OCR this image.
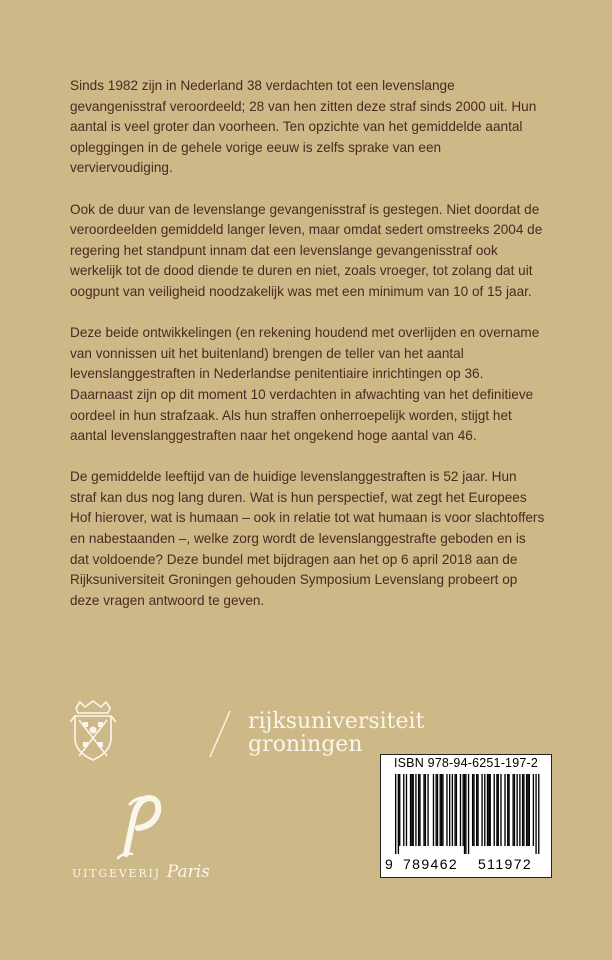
Sinds 1982 zijn in Nederland 38 verdachten tot een levenslange gevangenisstraf veroordeeld; 28 van hen zitten deze straf sinds 2000 uit. Hun aantal is veel groter dan voorheen. Ten opzichte van het gemiddelde aantal opleggingen in de gehele vorige eeuw is zelfs sprake van een verviervoudiging.

Ook de duur van de levenslange gevangenisstraf is gestegen. Niet doordat de veroordeelden gemiddeld langer leven, maar omdat sedert omstreeks 2004 de regering het standpunt innam dat een levenslange gevangenisstraf ook werkelijk tot de dood diende te duren en niet, zoals vroeger, tot zolang dat uit oogpunt van veiligheid noodzakelijk was met een minimum van 10 of 15 jaar.

Deze beide ontwikkelingen (en rekening houdend met overlijden en overname van vonnissen uit het buitenland) brengen de teller van het aantal levenslanggestraften in Nederlandse penitentiaire inrichtingen op 36. Daarnaast zijn op dit moment 10 verdachten in afwachting van het definitieve oordeel in hun strafzaak. Als hun straffen onherroepelijk worden, stijgt het aantal levenslanggestraften naar het ongekend hoge aantal van 46.

De gemiddelde leeftijd van de huidige levenslanggestraften is 52 jaar. Hun straf kan dus nog lang duren. Wat is hun perspectief, wat zegt het Europees Hof hierover, wat is humaan – ook in relatie tot wat humaan is voor slachtoffers en nabestaanden –, welke zorg wordt de levenslanggestrafte geboden en is dat voldoende? Deze bundel met bijdragen aan het op 6 april 2018 aan de Rijksuniversiteit Groningen gehouden Symposium Levenslang probeert op deze vragen antwoord te geven.

rijksuniversiteit
groningen
UITGEVERIJ Paris
ISBN 978-94-6251-197-2
9 789462 511972
